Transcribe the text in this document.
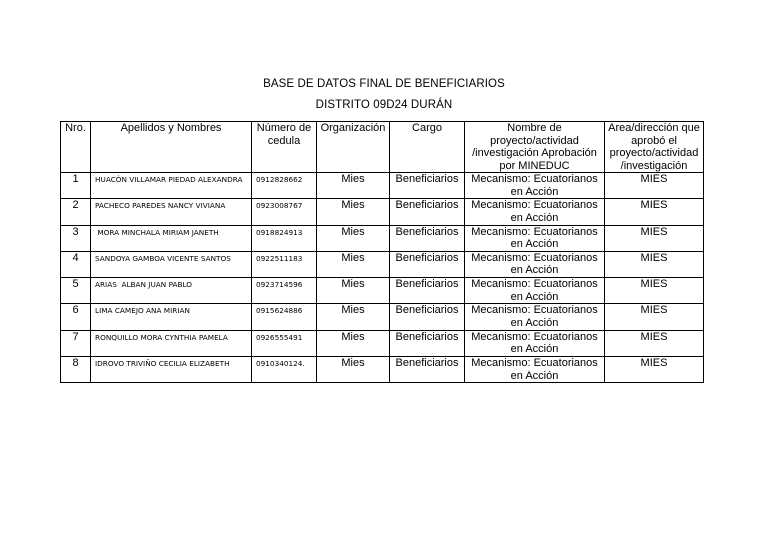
BASE DE DATOS FINAL DE BENEFICIARIOS
DISTRITO 09D24 DURÁN
Nro.	Apellidos y Nombres	Número de cedula	Organización	Cargo	Nombre de proyecto/actividad /investigación Aprobación por MINEDUC	Area/dirección que aprobó el proyecto/actividad /investigación
1	HUACÒN VILLAMAR PIEDAD ALEXANDRA	0912828662	Mies	Beneficiarios	Mecanismo: Ecuatorianos en Acción	MIES
2	PACHECO PAREDES NANCY VIVIANA	0923008767	Mies	Beneficiarios	Mecanismo: Ecuatorianos en Acción	MIES
3	MORA MINCHALA MIRIAM JANETH	0918824913	Mies	Beneficiarios	Mecanismo: Ecuatorianos en Acción	MIES
4	SANDOYA GAMBOA VICENTE SANTOS	0922511183	Mies	Beneficiarios	Mecanismo: Ecuatorianos en Acción	MIES
5	ARIAS  ALBAN JUAN PABLO	0923714596	Mies	Beneficiarios	Mecanismo: Ecuatorianos en Acción	MIES
6	LIMA CAMEJO ANA MIRIAN	0915624886	Mies	Beneficiarios	Mecanismo: Ecuatorianos en Acción	MIES
7	RONQUILLO MORA CYNTHIA PAMELA	0926555491	Mies	Beneficiarios	Mecanismo: Ecuatorianos en Acción	MIES
8	IDROVO TRIVIÑO CECILIA ELIZABETH	0910340124.	Mies	Beneficiarios	Mecanismo: Ecuatorianos en Acción	MIES
